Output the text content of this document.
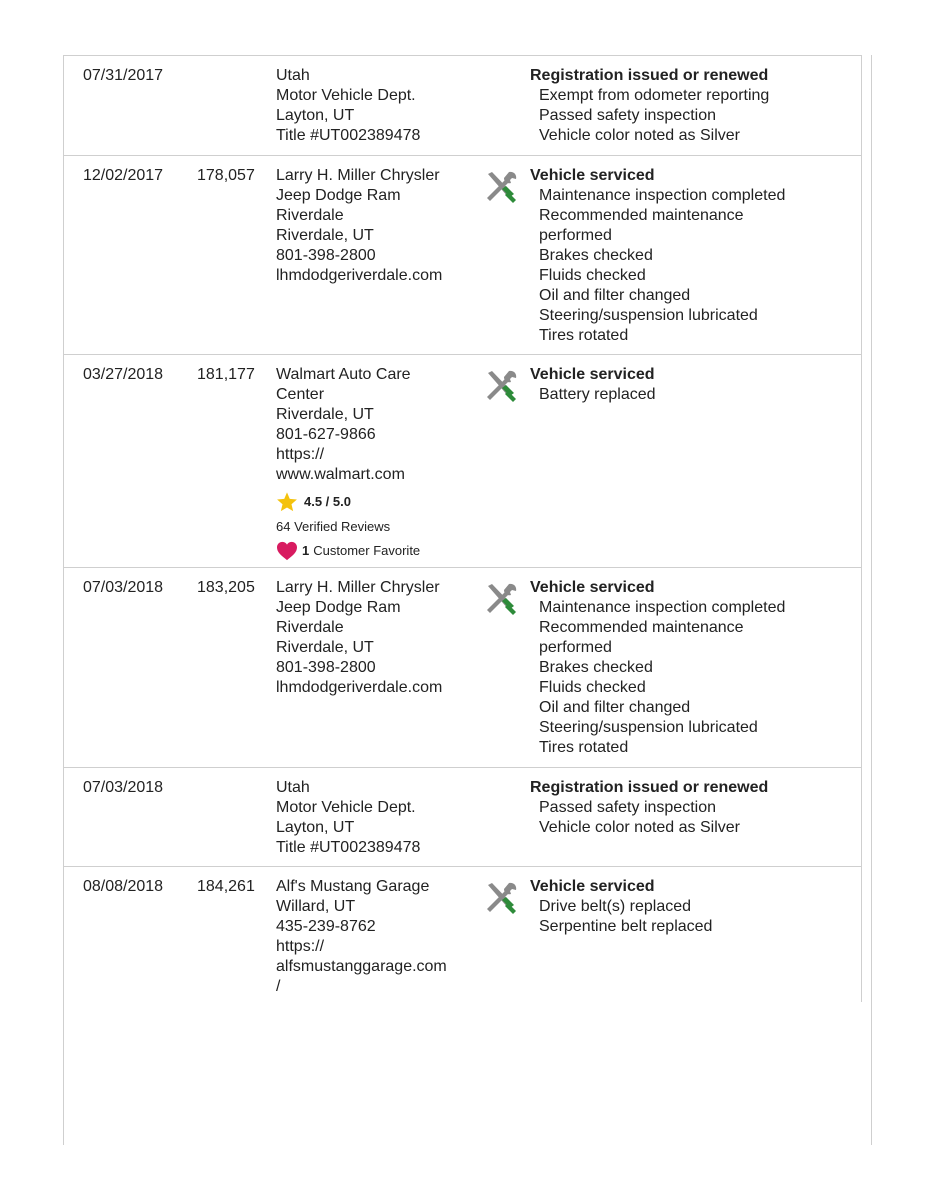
07/31/2017	Utah
Motor Vehicle Dept.
Layton, UT
Title #UT002389478
Registration issued or renewed
Exempt from odometer reporting
Passed safety inspection
Vehicle color noted as Silver
12/02/2017 178,057 Larry H. Miller Chrysler
Jeep Dodge Ram
Riverdale
Riverdale, UT
801-398-2800
lhmdodgeriverdale.com
Vehicle serviced
Maintenance inspection completed
Recommended maintenance
performed
Brakes checked
Fluids checked
Oil and filter changed
Steering/suspension lubricated
Tires rotated
03/27/2018 181,177 Walmart Auto Care
Center
Riverdale, UT
801-627-9866
https://
www.walmart.com
4.5 / 5.0
64 Verified Reviews
1 Customer Favorite
Vehicle serviced
Battery replaced
07/03/2018 183,205 Larry H. Miller Chrysler
Jeep Dodge Ram
Riverdale
Riverdale, UT
801-398-2800
lhmdodgeriverdale.com
Vehicle serviced
Maintenance inspection completed
Recommended maintenance
performed
Brakes checked
Fluids checked
Oil and filter changed
Steering/suspension lubricated
Tires rotated
07/03/2018	Utah
Motor Vehicle Dept.
Layton, UT
Title #UT002389478
Registration issued or renewed
Passed safety inspection
Vehicle color noted as Silver
08/08/2018 184,261 Alf's Mustang Garage
Willard, UT
435-239-8762
https://
alfsmustanggarage.com
/
Vehicle serviced
Drive belt(s) replaced
Serpentine belt replaced
